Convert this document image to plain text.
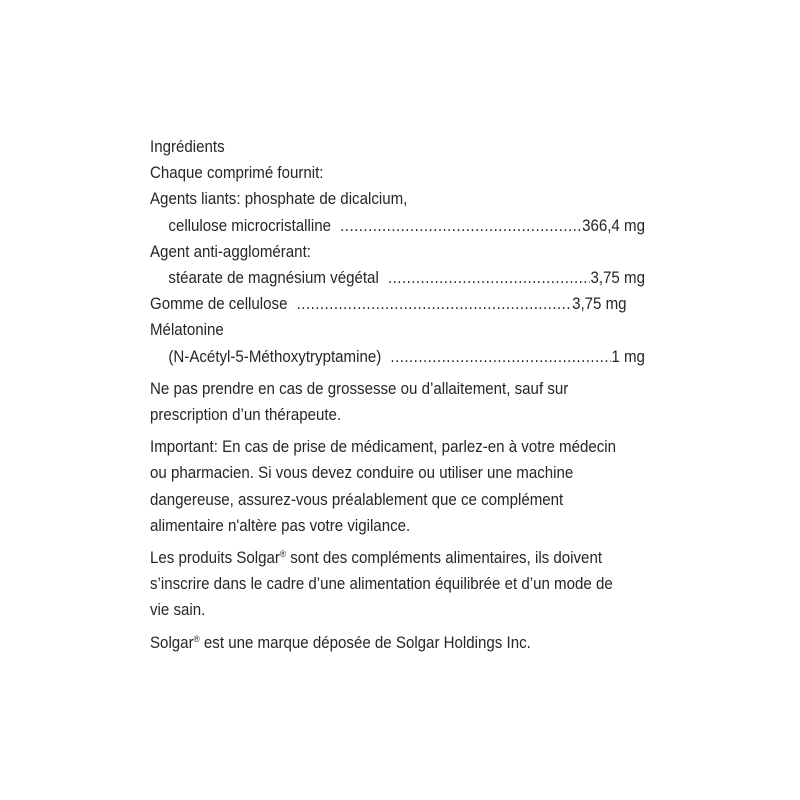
Ingrédients
Chaque comprimé fournit:
Agents liants: phosphate de dicalcium,
cellulose microcristalline .....	366,4 mg
Agent anti-agglomérant:
stéarate de magnésium végétal .....	3,75 mg
Gomme de cellulose .....	3,75 mg
Mélatonine
(N-Acétyl-5-Méthoxytryptamine) .....	1 mg
Ne pas prendre en cas de grossesse ou d’allaitement, sauf sur prescription d’un thérapeute.
Important: En cas de prise de médicament, parlez-en à votre médecin ou pharmacien. Si vous devez conduire ou utiliser une machine dangereuse, assurez-vous préalablement que ce complément alimentaire n'altère pas votre vigilance.
Les produits Solgar® sont des compléments alimentaires, ils doivent s’inscrire dans le cadre d’une alimentation équilibrée et d’un mode de vie sain.
Solgar® est une marque déposée de Solgar Holdings Inc.
